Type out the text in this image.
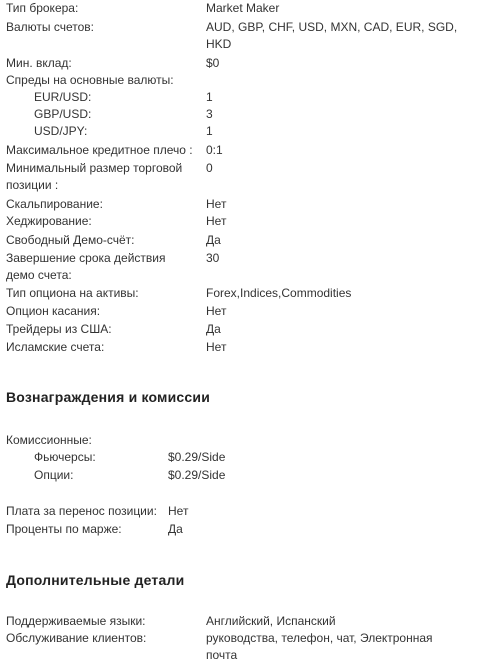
Тип брокера:	Market Maker
Валюты счетов:	AUD, GBP, CHF, USD, MXN, CAD, EUR, SGD, HKD
Мин. вклад:	$0
Спреды на основные валюты:
EUR/USD:	1
GBP/USD:	3
USD/JPY:	1
Максимальное кредитное плечо : 0:1
Минимальный размер торговой позиции :
0
Скальпирование:	Нет
Хеджирование:	Нет
Свободный Демо-счёт:	Да
Завершение срока действия демо счета:
30
Тип опциона на активы:	Forex,Indices,Commodities
Опцион касания:	Нет
Трейдеры из США:	Да
Исламские счета:	Нет
Вознаграждения и комиссии
Комиссионные:
Фьючерсы:	$0.29/Side
Опции:	$0.29/Side
Плата за перенос позиции: Нет
Проценты по марже:	Да
Дополнительные детали
Поддерживаемые языки:	Английский, Испанский
Обслуживание клиентов:	руководства, телефон, чат, Электронная почта
